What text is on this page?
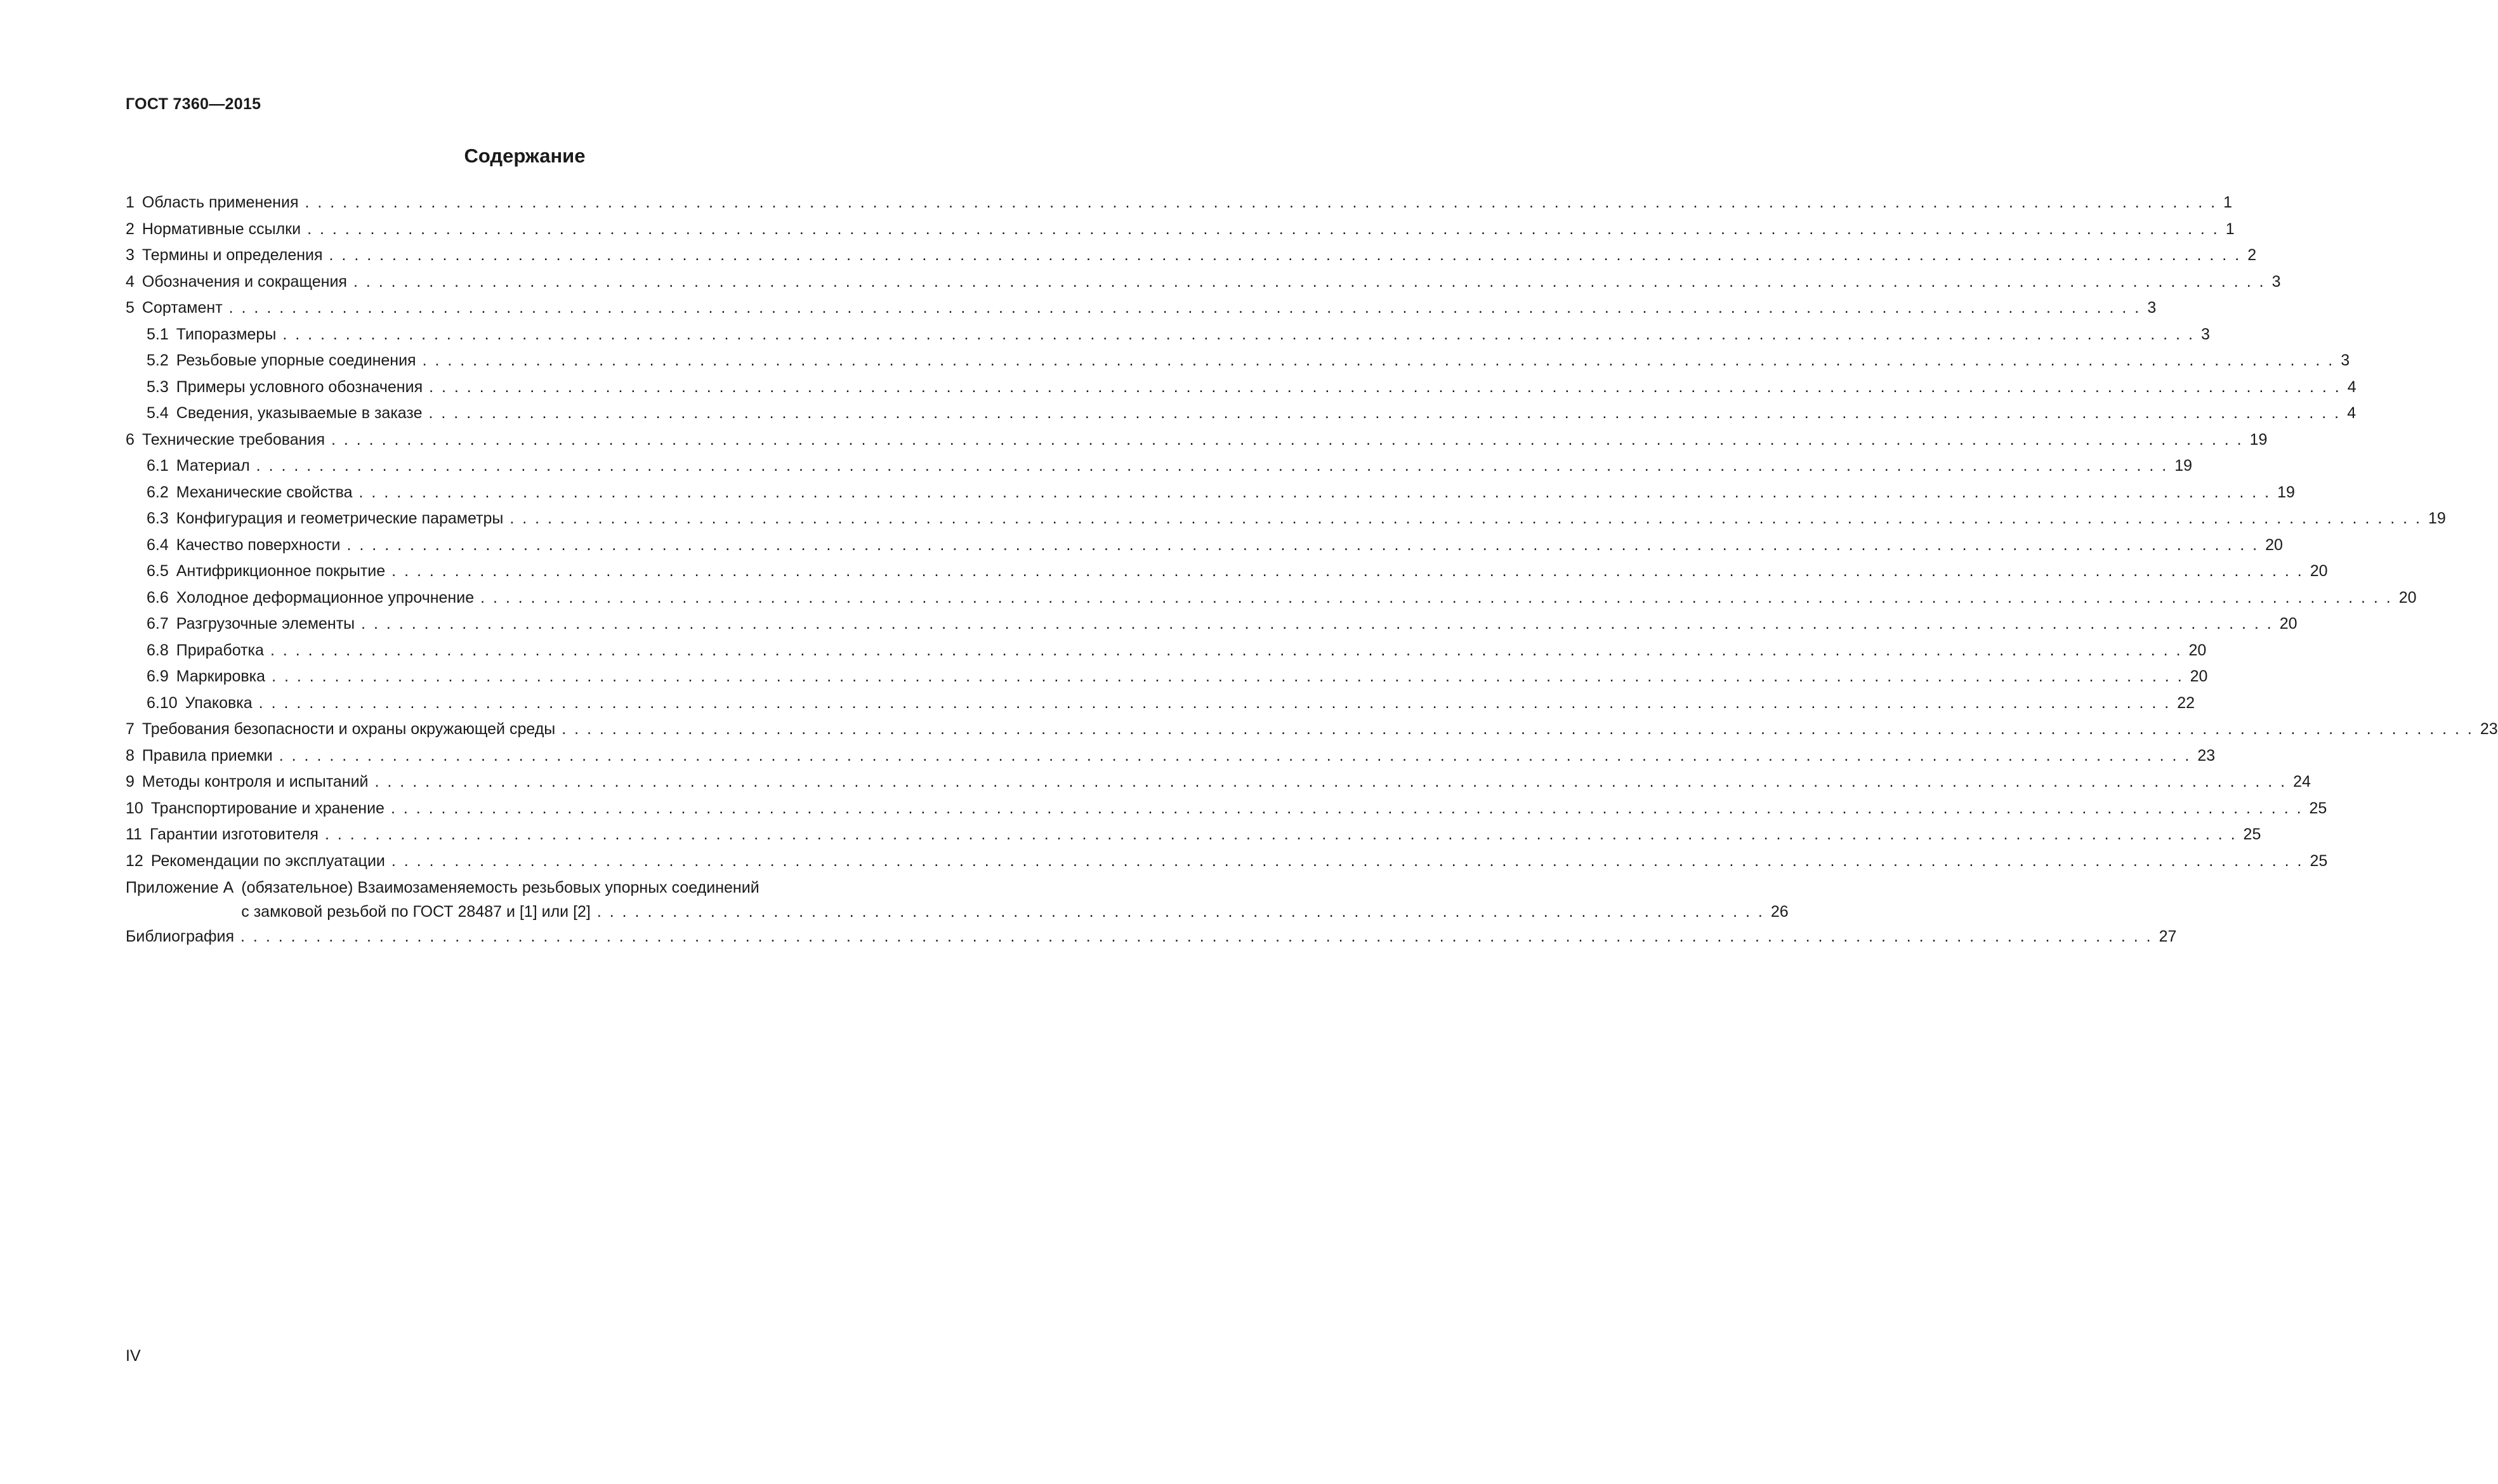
ГОСТ 7360—2015
Содержание
1 Область применения . . .	1
2 Нормативные ссылки . . .	1
3 Термины и определения . . .	2
4 Обозначения и сокращения . . .	3
5 Сортамент . . .	3
5.1 Типоразмеры . . .	3
5.2 Резьбовые упорные соединения . . .	3
5.3 Примеры условного обозначения . . .	4
5.4 Сведения, указываемые в заказе . . .	4
6 Технические требования . . .	19
6.1 Материал . . .	19
6.2 Механические свойства . . .	19
6.3 Конфигурация и геометрические параметры . . .	19
6.4 Качество поверхности . . .	20
6.5 Антифрикционное покрытие . . .	20
6.6 Холодное деформационное упрочнение . . .	20
6.7 Разгрузочные элементы . . .	20
6.8 Приработка . . .	20
6.9 Маркировка . . .	20
6.10 Упаковка . . .	22
7 Требования безопасности и охраны окружающей среды . . .	23
8 Правила приемки . . .	23
9 Методы контроля и испытаний . . .	24
10 Транспортирование и хранение . . .	25
11 Гарантии изготовителя . . .	25
12 Рекомендации по эксплуатации . . .	25
Приложение А (обязательное) Взаимозаменяемость резьбовых упорных соединений
с замковой резьбой по ГОСТ 28487 и [1] или [2] . . .	26
Библиография . . .	27
IV
